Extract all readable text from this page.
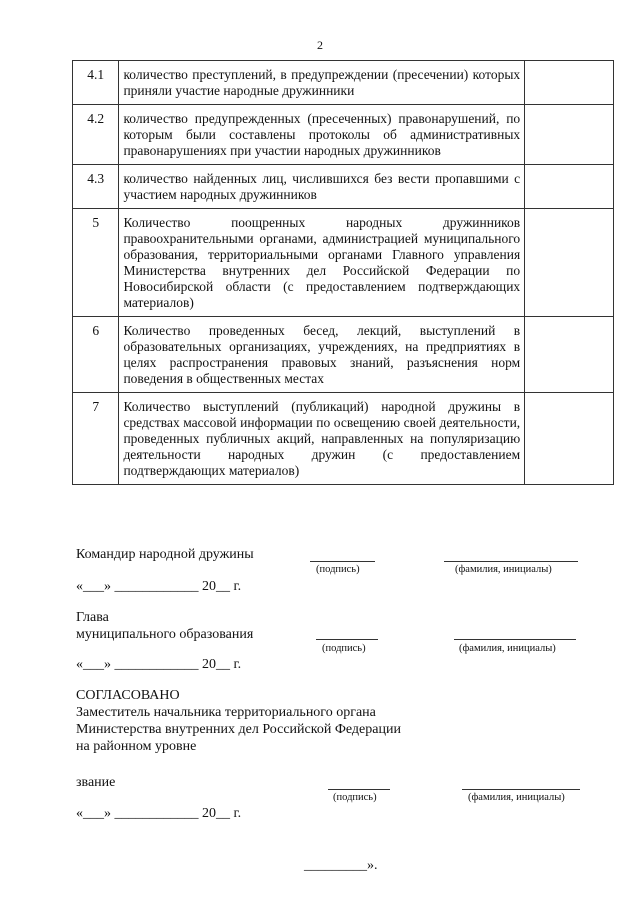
2
4.1	количество преступлений, в предупреждении (пресечении) которых приняли участие народные дружинники	
4.2	количество предупрежденных (пресеченных) правонарушений, по которым были составлены протоколы об административных правонарушениях при участии народных дружинников	
4.3	количество найденных лиц, числившихся без вести пропавшими с участием народных дружинников	
5	Количество поощренных народных дружинников правоохранительными органами, администрацией муниципального образования, территориальными органами Главного управления Министерства внутренних дел Российской Федерации по Новосибирской области (с предоставлением подтверждающих материалов)	
6	Количество проведенных бесед, лекций, выступлений в образовательных организациях, учреждениях, на предприятиях в целях распространения правовых знаний, разъяснения норм поведения в общественных местах	
7	Количество выступлений (публикаций) народной дружины в средствах массовой информации по освещению своей деятельности, проведенных публичных акций, направленных на популяризацию деятельности народных дружин (с предоставлением подтверждающих материалов)	
Командир народной дружины
(подпись)	(фамилия, инициалы)
«___» ____________ 20__ г.
Глава
муниципального образования
(подпись)	(фамилия, инициалы)
«___» ____________ 20__ г.
СОГЛАСОВАНО
Заместитель начальника территориального органа
Министерства внутренних дел Российской Федерации
на районном уровне
звание
(подпись)	(фамилия, инициалы)
«___» ____________ 20__ г.
_________».
